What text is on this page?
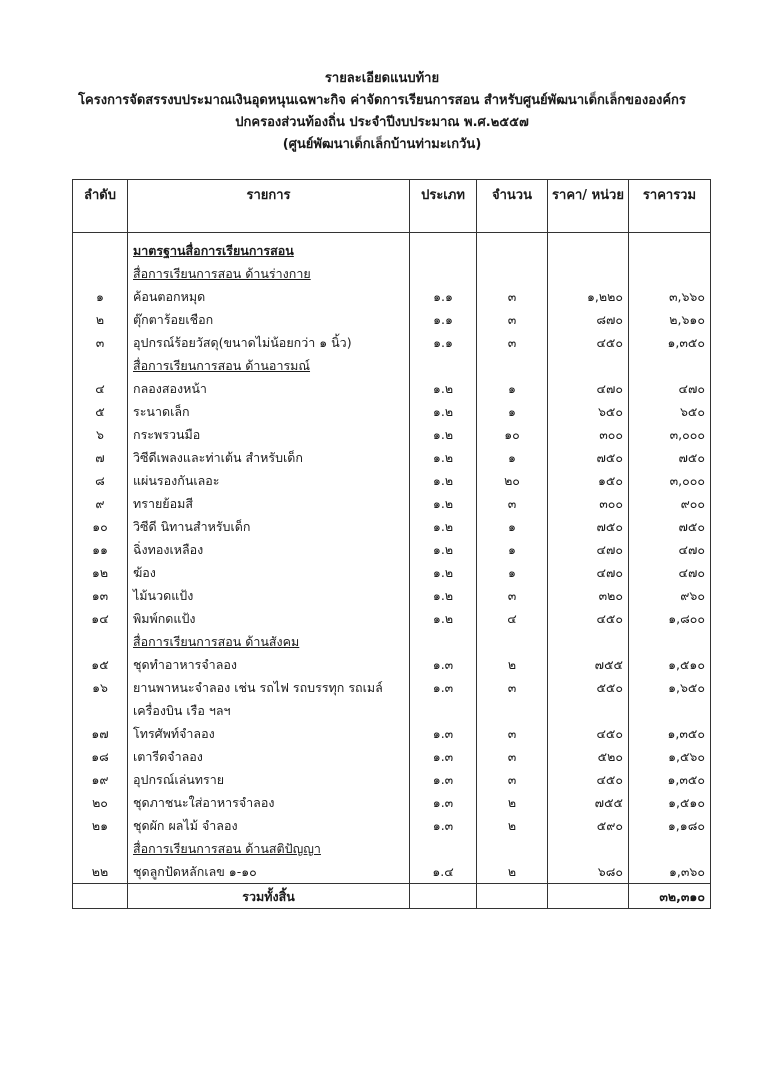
รายละเอียดแนบท้าย
โครงการจัดสรรงบประมาณเงินอุดหนุนเฉพาะกิจ ค่าจัดการเรียนการสอน สำหรับศูนย์พัฒนาเด็กเล็กขององค์กร
ปกครองส่วนท้องถิ่น ประจำปีงบประมาณ พ.ศ.๒๕๕๗
(ศูนย์พัฒนาเด็กเล็กบ้านท่ามะเกวัน)
ลำดับ	รายการ	ประเภท	จำนวน	ราคา/ หน่วย	ราคารวม
	มาตรฐานสื่อการเรียนการสอน				
	สื่อการเรียนการสอน ด้านร่างกาย				
๑	ค้อนตอกหมุด	๑.๑	๓	๑,๒๒๐	๓,๖๖๐
๒	ตุ๊กตาร้อยเชือก	๑.๑	๓	๘๗๐	๒,๖๑๐
๓	อุปกรณ์ร้อยวัสดุ(ขนาดไม่น้อยกว่า ๑ นิ้ว)	๑.๑	๓	๔๕๐	๑,๓๕๐
	สื่อการเรียนการสอน ด้านอารมณ์				
๔	กลองสองหน้า	๑.๒	๑	๔๗๐	๔๗๐
๕	ระนาดเล็ก	๑.๒	๑	๖๕๐	๖๕๐
๖	กระพรวนมือ	๑.๒	๑๐	๓๐๐	๓,๐๐๐
๗	วิซีดีเพลงและท่าเต้น สำหรับเด็ก	๑.๒	๑	๗๕๐	๗๕๐
๘	แผ่นรองกันเลอะ	๑.๒	๒๐	๑๕๐	๓,๐๐๐
๙	ทรายย้อมสี	๑.๒	๓	๓๐๐	๙๐๐
๑๐	วิซีดี นิทานสำหรับเด็ก	๑.๒	๑	๗๕๐	๗๕๐
๑๑	ฉิ่งทองเหลือง	๑.๒	๑	๔๗๐	๔๗๐
๑๒	ฆ้อง	๑.๒	๑	๔๗๐	๔๗๐
๑๓	ไม้นวดแป้ง	๑.๒	๓	๓๒๐	๙๖๐
๑๔	พิมพ์กดแป้ง	๑.๒	๔	๔๕๐	๑,๘๐๐
	สื่อการเรียนการสอน ด้านสังคม				
๑๕	ชุดทำอาหารจำลอง	๑.๓	๒	๗๕๕	๑,๕๑๐
๑๖	ยานพาหนะจำลอง เช่น รถไฟ รถบรรทุก รถเมล์	๑.๓	๓	๕๕๐	๑,๖๕๐
	เครื่องบิน เรือ ฯลฯ				
๑๗	โทรศัพท์จำลอง	๑.๓	๓	๔๕๐	๑,๓๕๐
๑๘	เตารีดจำลอง	๑.๓	๓	๕๒๐	๑,๕๖๐
๑๙	อุปกรณ์เล่นทราย	๑.๓	๓	๔๕๐	๑,๓๕๐
๒๐	ชุดภาชนะใส่อาหารจำลอง	๑.๓	๒	๗๕๕	๑,๕๑๐
๒๑	ชุดผัก ผลไม้ จำลอง	๑.๓	๒	๕๙๐	๑,๑๘๐
	สื่อการเรียนการสอน ด้านสติปัญญา				
๒๒	ชุดลูกปัดหลักเลข ๑-๑๐	๑.๔	๒	๖๘๐	๑,๓๖๐
	รวมทั้งสิ้น				๓๒,๓๑๐
